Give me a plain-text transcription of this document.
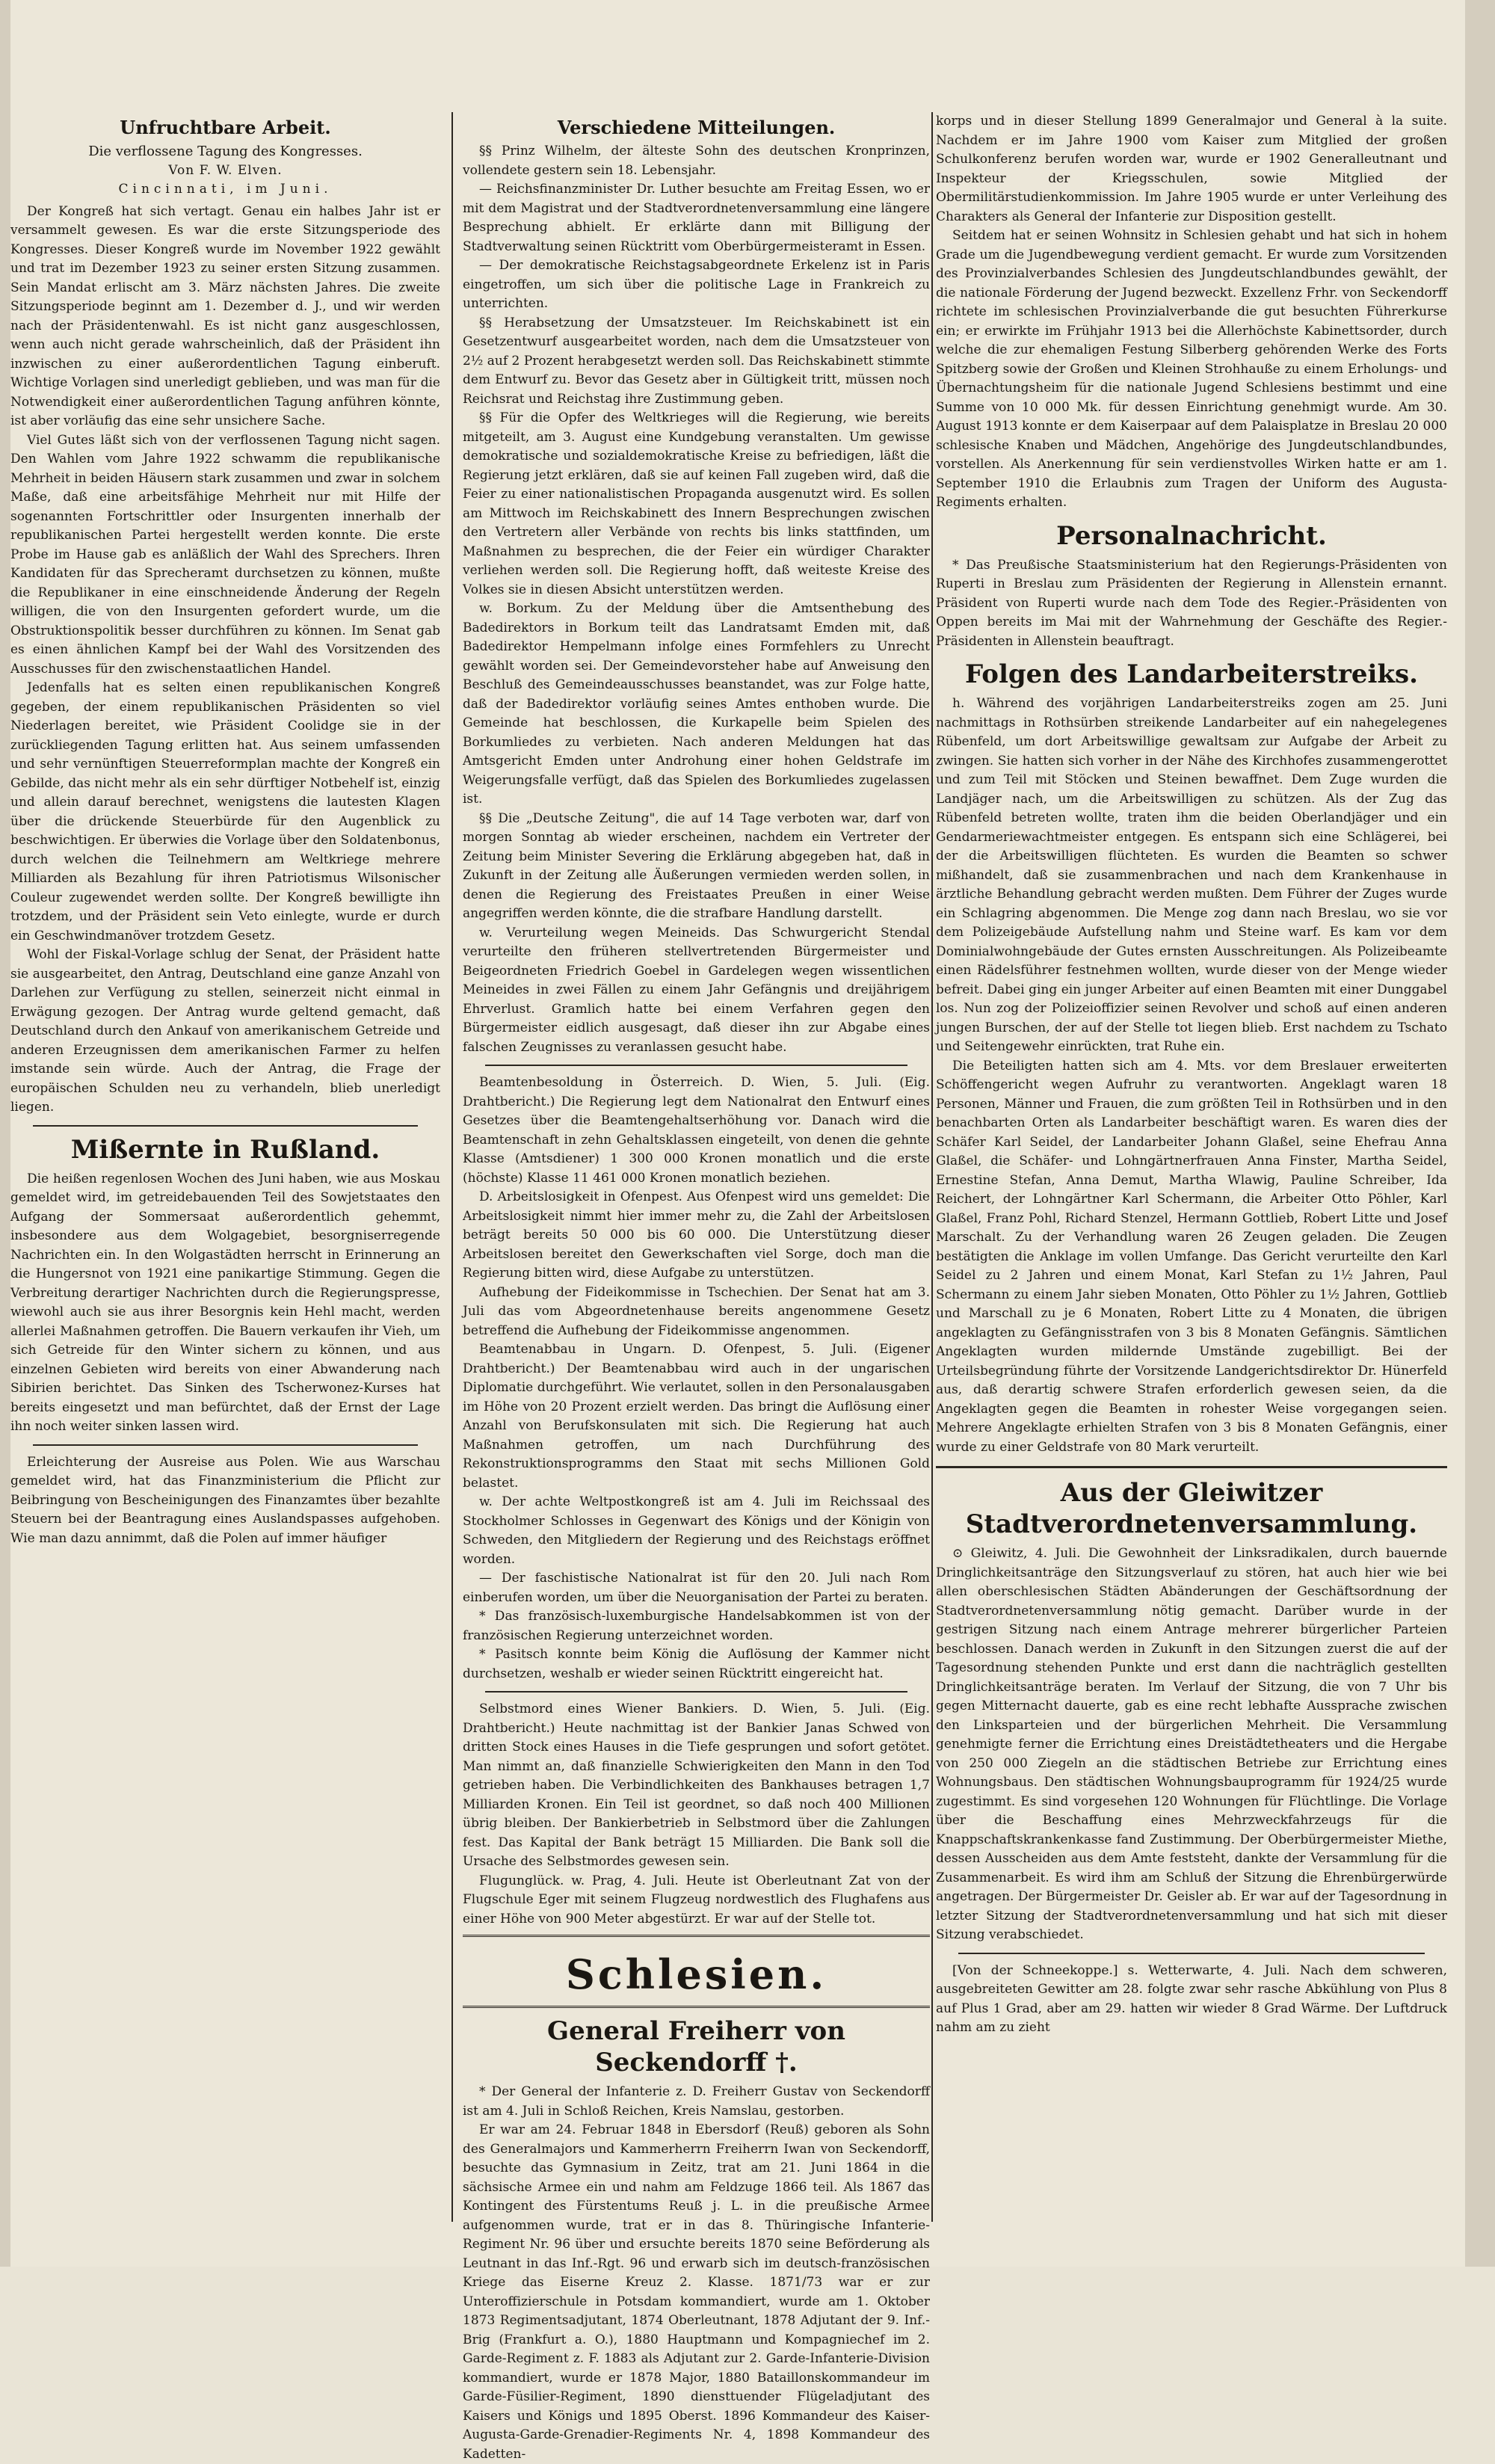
Unfruchtbare Arbeit.
Die verflossene Tagung des Kongresses.
Von F. W. Elven.
Cincinnati, im Juni.

Der Kongreß hat sich vertagt. Genau ein halbes Jahr ist er versammelt gewesen. Es war die erste Sitzungsperiode des Kongresses. Dieser Kongreß wurde im November 1922 gewählt und trat im Dezember 1923 zu seiner ersten Sitzung zusammen. Sein Mandat erlischt am 3. März nächsten Jahres. Die zweite Sitzungsperiode beginnt am 1. Dezember d. J., und wir werden nach der Präsidentenwahl. Es ist nicht ganz ausgeschlossen, wenn auch nicht gerade wahrscheinlich, daß der Präsident ihn inzwischen zu einer außerordentlichen Tagung einberuft. Wichtige Vorlagen sind unerledigt geblieben, und was man für die Notwendigkeit einer außerordentlichen Tagung anführen könnte, ist aber vorläufig das eine sehr unsichere Sache.

Viel Gutes läßt sich von der verflossenen Tagung nicht sagen. Den Wahlen vom Jahre 1922 schwamm die republikanische Mehrheit in beiden Häusern stark zusammen und zwar in solchem Maße, daß eine arbeitsfähige Mehrheit nur mit Hilfe der sogenannten Fortschrittler oder Insurgenten innerhalb der republikanischen Partei hergestellt werden konnte. Die erste Probe im Hause gab es anläßlich der Wahl des Sprechers. Ihren Kandidaten für das Sprecheramt durchsetzen zu können, mußte die Republikaner in eine einschneidende Änderung der Regeln willigen, die von den Insurgenten gefordert wurde, um die Obstruktionspolitik besser durchführen zu können. Im Senat gab es einen ähnlichen Kampf bei der Wahl des Vorsitzenden des Ausschusses für den zwischenstaatlichen Handel.

Jedenfalls hat es selten einen republikanischen Kongreß gegeben, der einem republikanischen Präsidenten so viel Niederlagen bereitet, wie Präsident Coolidge sie in der zurückliegenden Tagung erlitten hat. Aus seinem umfassenden und sehr vernünftigen Steuerreformplan machte der Kongreß ein Gebilde, das nicht mehr als ein sehr dürftiger Notbehelf ist, einzig und allein darauf berechnet, wenigstens die lautesten Klagen über die drückende Steuerbürde für den Augenblick zu beschwichtigen. Er überwies die Vorlage über den Soldatenbonus, durch welchen die Teilnehmern am Weltkriege mehrere Milliarden als Bezahlung für ihren Patriotismus Wilsonischer Couleur zugewendet werden sollte. Der Kongreß bewilligte ihn trotzdem, und der Präsident sein Veto einlegte, wurde er durch ein Geschwindmanöver trotzdem Gesetz.

Wohl der Fiskal-Vorlage schlug der Senat, der Präsident hatte sie ausgearbeitet, den Antrag, Deutschland eine ganze Anzahl von Darlehen zur Verfügung zu stellen, seinerzeit nicht einmal in Erwägung gezogen. Der Antrag wurde geltend gemacht, daß Deutschland durch den Ankauf von amerikanischem Getreide und anderen Erzeugnissen dem amerikanischen Farmer zu helfen imstande sein würde. Auch der Antrag, die Frage der europäischen Schulden neu zu verhandeln, blieb unerledigt liegen.

Mißernte in Rußland.

Die heißen regenlosen Wochen des Juni haben, wie aus Moskau gemeldet wird, im getreidebauenden Teil des Sowjetstaates den Aufgang der Sommersaat außerordentlich gehemmt, insbesondere aus dem Wolgagebiet, besorgniserregende Nachrichten ein. In den Wolgastädten herrscht in Erinnerung an die Hungersnot von 1921 eine panikartige Stimmung. Gegen die Verbreitung derartiger Nachrichten durch die Regierungspresse, wiewohl auch sie aus ihrer Besorgnis kein Hehl macht, werden allerlei Maßnahmen getroffen. Die Bauern verkaufen ihr Vieh, um sich Getreide für den Winter sichern zu können, und aus einzelnen Gebieten wird bereits von einer Abwanderung nach Sibirien berichtet. Das Sinken des Tscherwonez-Kurses hat bereits eingesetzt und man befürchtet, daß der Ernst der Lage ihn noch weiter sinken lassen wird.

Erleichterung der Ausreise aus Polen. Wie aus Warschau gemeldet wird, hat das Finanzministerium die Pflicht zur Beibringung von Bescheinigungen des Finanzamtes über bezahlte Steuern bei der Beantragung eines Auslandspasses aufgehoben. Wie man dazu annimmt, daß die Polen auf immer häufiger

Verschiedene Mitteilungen.

§§ Prinz Wilhelm, der älteste Sohn des deutschen Kronprinzen, vollendete gestern sein 18. Lebensjahr.

— Reichsfinanzminister Dr. Luther besuchte am Freitag Essen, wo er mit dem Magistrat und der Stadtverordnetenversammlung eine längere Besprechung abhielt. Er erklärte dann mit Billigung der Stadtverwaltung seinen Rücktritt vom Oberbürgermeisteramt in Essen.

— Der demokratische Reichstagsabgeordnete Erkelenz ist in Paris eingetroffen, um sich über die politische Lage in Frankreich zu unterrichten.

§§ Herabsetzung der Umsatzsteuer. Im Reichskabinett ist ein Gesetzentwurf ausgearbeitet worden, nach dem die Umsatzsteuer von 2½ auf 2 Prozent herabgesetzt werden soll. Das Reichskabinett stimmte dem Entwurf zu. Bevor das Gesetz aber in Gültigkeit tritt, müssen noch Reichsrat und Reichstag ihre Zustimmung geben.

§§ Für die Opfer des Weltkrieges will die Regierung, wie bereits mitgeteilt, am 3. August eine Kundgebung veranstalten. Um gewisse demokratische und sozialdemokratische Kreise zu befriedigen, läßt die Regierung jetzt erklären, daß sie auf keinen Fall zugeben wird, daß die Feier zu einer nationalistischen Propaganda ausgenutzt wird. Es sollen am Mittwoch im Reichskabinett des Innern Besprechungen zwischen den Vertretern aller Verbände von rechts bis links stattfinden, um Maßnahmen zu besprechen, die der Feier ein würdiger Charakter verliehen werden soll. Die Regierung hofft, daß weiteste Kreise des Volkes sie in diesen Absicht unterstützen werden.

w. Borkum. Zu der Meldung über die Amtsenthebung des Badedirektors in Borkum teilt das Landratsamt Emden mit, daß Badedirektor Hempelmann infolge eines Formfehlers zu Unrecht gewählt worden sei. Der Gemeindevorsteher habe auf Anweisung den Beschluß des Gemeindeausschusses beanstandet, was zur Folge hatte, daß der Badedirektor vorläufig seines Amtes enthoben wurde. Die Gemeinde hat beschlossen, die Kurkapelle beim Spielen des Borkumliedes zu verbieten. Nach anderen Meldungen hat das Amtsgericht Emden unter Androhung einer hohen Geldstrafe im Weigerungsfalle verfügt, daß das Spielen des Borkumliedes zugelassen ist.

§§ Die „Deutsche Zeitung", die auf 14 Tage verboten war, darf von morgen Sonntag ab wieder erscheinen, nachdem ein Vertreter der Zeitung beim Minister Severing die Erklärung abgegeben hat, daß in Zukunft in der Zeitung alle Äußerungen vermieden werden sollen, in denen die Regierung des Freistaates Preußen in einer Weise angegriffen werden könnte, die die strafbare Handlung darstellt.

w. Verurteilung wegen Meineids. Das Schwurgericht Stendal verurteilte den früheren stellvertretenden Bürgermeister und Beigeordneten Friedrich Goebel in Gardelegen wegen wissentlichen Meineides in zwei Fällen zu einem Jahr Gefängnis und dreijährigem Ehrverlust. Gramlich hatte bei einem Verfahren gegen den Bürgermeister eidlich ausgesagt, daß dieser ihn zur Abgabe eines falschen Zeugnisses zu veranlassen gesucht habe.

Beamtenbesoldung in Österreich. D. Wien, 5. Juli. (Eig. Drahtbericht.) Die Regierung legt dem Nationalrat den Entwurf eines Gesetzes über die Beamtengehaltserhöhung vor. Danach wird die Beamtenschaft in zehn Gehaltsklassen eingeteilt, von denen die gehnte Klasse (Amtsdiener) 1 300 000 Kronen monatlich und die erste (höchste) Klasse 11 461 000 Kronen monatlich beziehen.

D. Arbeitslosigkeit in Ofenpest. Aus Ofenpest wird uns gemeldet: Die Arbeitslosigkeit nimmt hier immer mehr zu, die Zahl der Arbeitslosen beträgt bereits 50 000 bis 60 000. Die Unterstützung dieser Arbeitslosen bereitet den Gewerkschaften viel Sorge, doch man die Regierung bitten wird, diese Aufgabe zu unterstützen.

Aufhebung der Fideikommisse in Tschechien. Der Senat hat am 3. Juli das vom Abgeordnetenhause bereits angenommene Gesetz betreffend die Aufhebung der Fideikommisse angenommen.

Beamtenabbau in Ungarn. D. Ofenpest, 5. Juli. (Eigener Drahtbericht.) Der Beamtenabbau wird auch in der ungarischen Diplomatie durchgeführt. Wie verlautet, sollen in den Personalausgaben im Höhe von 20 Prozent erzielt werden. Das bringt die Auflösung einer Anzahl von Berufskonsulaten mit sich. Die Regierung hat auch Maßnahmen getroffen, um nach Durchführung des Rekonstruktionsprogramms den Staat mit sechs Millionen Gold belastet.

w. Der achte Weltpostkongreß ist am 4. Juli im Reichssaal des Stockholmer Schlosses in Gegenwart des Königs und der Königin von Schweden, den Mitgliedern der Regierung und des Reichstags eröffnet worden.

— Der faschistische Nationalrat ist für den 20. Juli nach Rom einberufen worden, um über die Neuorganisation der Partei zu beraten.

* Das französisch-luxemburgische Handelsabkommen ist von der französischen Regierung unterzeichnet worden.

* Pasitsch konnte beim König die Auflösung der Kammer nicht durchsetzen, weshalb er wieder seinen Rücktritt eingereicht hat.

Selbstmord eines Wiener Bankiers. D. Wien, 5. Juli. (Eig. Drahtbericht.) Heute nachmittag ist der Bankier Janas Schwed von dritten Stock eines Hauses in die Tiefe gesprungen und sofort getötet. Man nimmt an, daß finanzielle Schwierigkeiten den Mann in den Tod getrieben haben. Die Verbindlichkeiten des Bankhauses betragen 1,7 Milliarden Kronen. Ein Teil ist geordnet, so daß noch 400 Millionen übrig bleiben. Der Bankierbetrieb in Selbstmord über die Zahlungen fest. Das Kapital der Bank beträgt 15 Milliarden. Die Bank soll die Ursache des Selbstmordes gewesen sein.

Flugunglück. w. Prag, 4. Juli. Heute ist Oberleutnant Zat von der Flugschule Eger mit seinem Flugzeug nordwestlich des Flughafens aus einer Höhe von 900 Meter abgestürzt. Er war auf der Stelle tot.

Schlesien.
General Freiherr von Seckendorff †.

* Der General der Infanterie z. D. Freiherr Gustav von Seckendorff ist am 4. Juli in Schloß Reichen, Kreis Namslau, gestorben.

Er war am 24. Februar 1848 in Ebersdorf (Reuß) geboren als Sohn des Generalmajors und Kammerherrn Freiherrn Iwan von Seckendorff, besuchte das Gymnasium in Zeitz, trat am 21. Juni 1864 in die sächsische Armee ein und nahm am Feldzuge 1866 teil. Als 1867 das Kontingent des Fürstentums Reuß j. L. in die preußische Armee aufgenommen wurde, trat er in das 8. Thüringische Infanterie-Regiment Nr. 96 über und ersuchte bereits 1870 seine Beförderung als Leutnant in das Inf.-Rgt. 96 und erwarb sich im deutsch-französischen Kriege das Eiserne Kreuz 2. Klasse. 1871/73 war er zur Unteroffizierschule in Potsdam kommandiert, wurde am 1. Oktober 1873 Regimentsadjutant, 1874 Oberleutnant, 1878 Adjutant der 9. Inf.-Brig (Frankfurt a. O.), 1880 Hauptmann und Kompagniechef im 2. Garde-Regiment z. F. 1883 als Adjutant zur 2. Garde-Infanterie-Division kommandiert, wurde er 1878 Major, 1880 Bataillonskommandeur im Garde-Füsilier-Regiment, 1890 diensttuender Flügeladjutant des Kaisers und Königs und 1895 Oberst. 1896 Kommandeur des Kaiser-Augusta-Garde-Grenadier-Regiments Nr. 4, 1898 Kommandeur des Kadetten-

korps und in dieser Stellung 1899 Generalmajor und General à la suite. Nachdem er im Jahre 1900 vom Kaiser zum Mitglied der großen Schulkonferenz berufen worden war, wurde er 1902 Generalleutnant und Inspekteur der Kriegsschulen, sowie Mitglied der Obermilitärstudienkommission. Im Jahre 1905 wurde er unter Verleihung des Charakters als General der Infanterie zur Disposition gestellt.

Seitdem hat er seinen Wohnsitz in Schlesien gehabt und hat sich in hohem Grade um die Jugendbewegung verdient gemacht. Er wurde zum Vorsitzenden des Provinzialverbandes Schlesien des Jungdeutschlandbundes gewählt, der die nationale Förderung der Jugend bezweckt. Exzellenz Frhr. von Seckendorff richtete im schlesischen Provinzialverbande die gut besuchten Führerkurse ein; er erwirkte im Frühjahr 1913 bei die Allerhöchste Kabinettsorder, durch welche die zur ehemaligen Festung Silberberg gehörenden Werke des Forts Spitzberg sowie der Großen und Kleinen Strohhauße zu einem Erholungs- und Übernachtungsheim für die nationale Jugend Schlesiens bestimmt und eine Summe von 10 000 Mk. für dessen Einrichtung genehmigt wurde. Am 30. August 1913 konnte er dem Kaiserpaar auf dem Palaisplatze in Breslau 20 000 schlesische Knaben und Mädchen, Angehörige des Jungdeutschlandbundes, vorstellen. Als Anerkennung für sein verdienstvolles Wirken hatte er am 1. September 1910 die Erlaubnis zum Tragen der Uniform des Augusta-Regiments erhalten.

Personalnachricht.

* Das Preußische Staatsministerium hat den Regierungs-Präsidenten von Ruperti in Breslau zum Präsidenten der Regierung in Allenstein ernannt. Präsident von Ruperti wurde nach dem Tode des Regier.-Präsidenten von Oppen bereits im Mai mit der Wahrnehmung der Geschäfte des Regier.-Präsidenten in Allenstein beauftragt.

Folgen des Landarbeiterstreiks.

h. Während des vorjährigen Landarbeiterstreiks zogen am 25. Juni nachmittags in Rothsürben streikende Landarbeiter auf ein nahegelegenes Rübenfeld, um dort Arbeitswillige gewaltsam zur Aufgabe der Arbeit zu zwingen. Sie hatten sich vorher in der Nähe des Kirchhofes zusammengerottet und zum Teil mit Stöcken und Steinen bewaffnet. Dem Zuge wurden die Landjäger nach, um die Arbeitswilligen zu schützen. Als der Zug das Rübenfeld betreten wollte, traten ihm die beiden Oberlandjäger und ein Gendarmeriewachtmeister entgegen. Es entspann sich eine Schlägerei, bei der die Arbeitswilligen flüchteten. Es wurden die Beamten so schwer mißhandelt, daß sie zusammenbrachen und nach dem Krankenhause in ärztliche Behandlung gebracht werden mußten. Dem Führer der Zuges wurde ein Schlagring abgenommen. Die Menge zog dann nach Breslau, wo sie vor dem Polizeigebäude Aufstellung nahm und Steine warf. Es kam vor dem Dominialwohngebäude der Gutes ernsten Ausschreitungen. Als Polizeibeamte einen Rädelsführer festnehmen wollten, wurde dieser von der Menge wieder befreit. Dabei ging ein junger Arbeiter auf einen Beamten mit einer Dunggabel los. Nun zog der Polizeioffizier seinen Revolver und schoß auf einen anderen jungen Burschen, der auf der Stelle tot liegen blieb. Erst nachdem zu Tschato und Seitengewehr einrückten, trat Ruhe ein.

Die Beteiligten hatten sich am 4. Mts. vor dem Breslauer erweiterten Schöffengericht wegen Aufruhr zu verantworten. Angeklagt waren 18 Personen, Männer und Frauen, die zum größten Teil in Rothsürben und in den benachbarten Orten als Landarbeiter beschäftigt waren. Es waren dies der Schäfer Karl Seidel, der Landarbeiter Johann Glaßel, seine Ehefrau Anna Glaßel, die Schäfer- und Lohngärtnerfrauen Anna Finster, Martha Seidel, Ernestine Stefan, Anna Demut, Martha Wlawig, Pauline Schreiber, Ida Reichert, der Lohngärtner Karl Schermann, die Arbeiter Otto Pöhler, Karl Glaßel, Franz Pohl, Richard Stenzel, Hermann Gottlieb, Robert Litte und Josef Marschalt. Zu der Verhandlung waren 26 Zeugen geladen. Die Zeugen bestätigten die Anklage im vollen Umfange. Das Gericht verurteilte den Karl Seidel zu 2 Jahren und einem Monat, Karl Stefan zu 1½ Jahren, Paul Schermann zu einem Jahr sieben Monaten, Otto Pöhler zu 1½ Jahren, Gottlieb und Marschall zu je 6 Monaten, Robert Litte zu 4 Monaten, die übrigen angeklagten zu Gefängnisstrafen von 3 bis 8 Monaten Gefängnis. Sämtlichen Angeklagten wurden mildernde Umstände zugebilligt. Bei der Urteilsbegründung führte der Vorsitzende Landgerichtsdirektor Dr. Hünerfeld aus, daß derartig schwere Strafen erforderlich gewesen seien, da die Angeklagten gegen die Beamten in rohester Weise vorgegangen seien. Mehrere Angeklagte erhielten Strafen von 3 bis 8 Monaten Gefängnis, einer wurde zu einer Geldstrafe von 80 Mark verurteilt.

Aus der Gleiwitzer Stadtverordnetenversammlung.

⊙ Gleiwitz, 4. Juli. Die Gewohnheit der Linksradikalen, durch bauernde Dringlichkeitsanträge den Sitzungsverlauf zu stören, hat auch hier wie bei allen oberschlesischen Städten Abänderungen der Geschäftsordnung der Stadtverordnetenversammlung nötig gemacht. Darüber wurde in der gestrigen Sitzung nach einem Antrage mehrerer bürgerlicher Parteien beschlossen. Danach werden in Zukunft in den Sitzungen zuerst die auf der Tagesordnung stehenden Punkte und erst dann die nachträglich gestellten Dringlichkeitsanträge beraten. Im Verlauf der Sitzung, die von 7 Uhr bis gegen Mitternacht dauerte, gab es eine recht lebhafte Aussprache zwischen den Linksparteien und der bürgerlichen Mehrheit. Die Versammlung genehmigte ferner die Errichtung eines Dreistädtetheaters und die Hergabe von 250 000 Ziegeln an die städtischen Betriebe zur Errichtung eines Wohnungsbaus. Den städtischen Wohnungsbauprogramm für 1924/25 wurde zugestimmt. Es sind vorgesehen 120 Wohnungen für Flüchtlinge. Die Vorlage über die Beschaffung eines Mehrzweckfahrzeugs für die Knappschaftskrankenkasse fand Zustimmung. Der Oberbürgermeister Miethe, dessen Ausscheiden aus dem Amte feststeht, dankte der Versammlung für die Zusammenarbeit. Es wird ihm am Schluß der Sitzung die Ehrenbürgerwürde angetragen. Der Bürgermeister Dr. Geisler ab. Er war auf der Tagesordnung in letzter Sitzung der Stadtverordnetenversammlung und hat sich mit dieser Sitzung verabschiedet.

[Von der Schneekoppe.] s. Wetterwarte, 4. Juli. Nach dem schweren, ausgebreiteten Gewitter am 28. folgte zwar sehr rasche Abkühlung von Plus 8 auf Plus 1 Grad, aber am 29. hatten wir wieder 8 Grad Wärme. Der Luftdruck nahm am zu zieht
